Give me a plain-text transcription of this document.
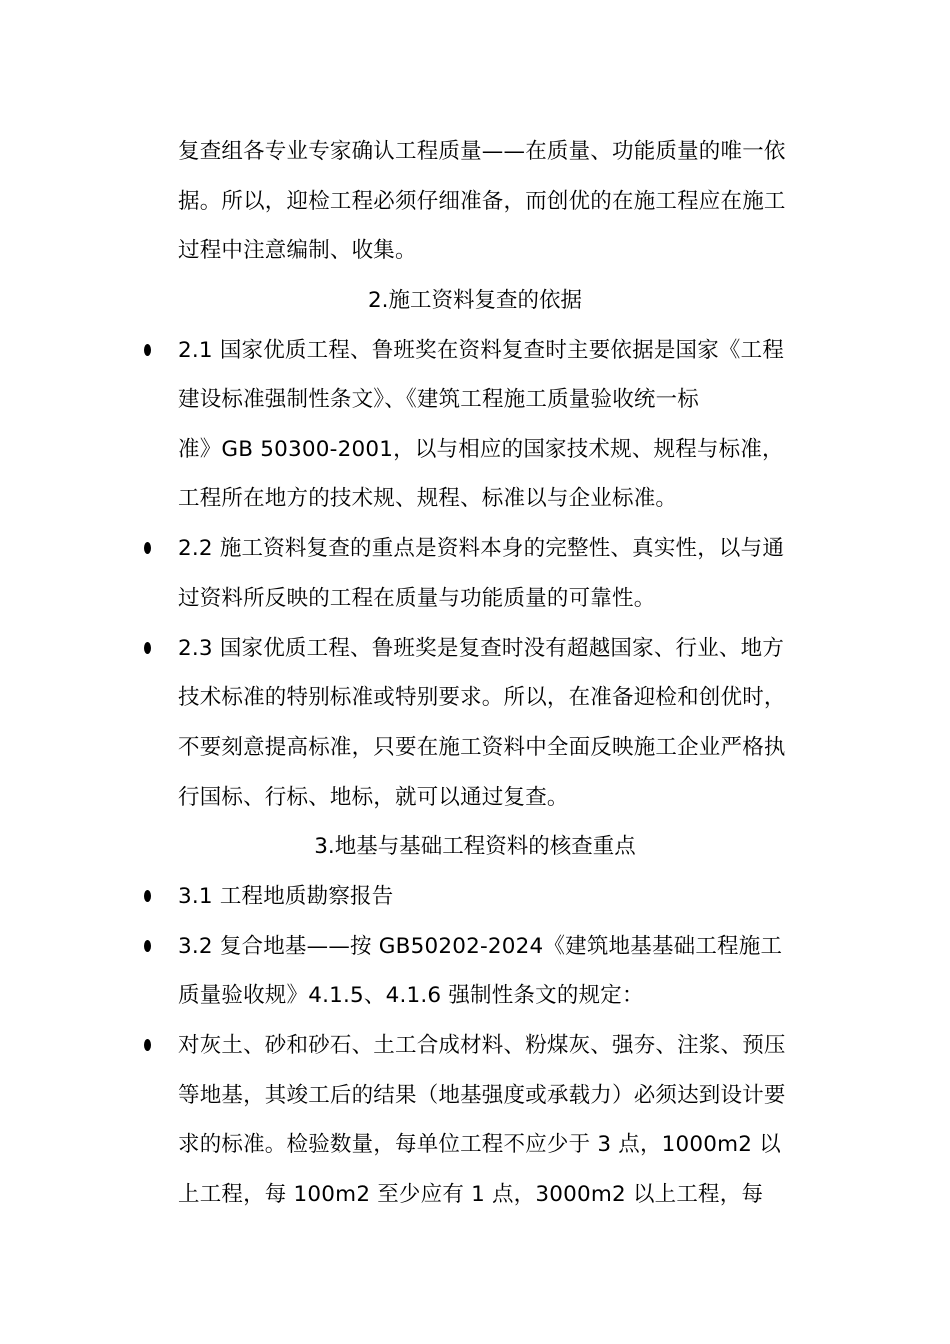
复查组各专业专家确认工程质量——在质量、功能质量的唯一依
据。所以，迎检工程必须仔细准备，而创优的在施工程应在施工
过程中注意编制、收集。
2.施工资料复查的依据
2.1 国家优质工程、鲁班奖在资料复查时主要依据是国家《工程
建设标准强制性条文》、《建筑工程施工质量验收统一标
准》GB 50300-2001，以与相应的国家技术规、规程与标准，
工程所在地方的技术规、规程、标准以与企业标准。
2.2 施工资料复查的重点是资料本身的完整性、真实性，以与通
过资料所反映的工程在质量与功能质量的可靠性。
2.3 国家优质工程、鲁班奖是复查时没有超越国家、行业、地方
技术标准的特别标准或特别要求。所以，在准备迎检和创优时，
不要刻意提高标准，只要在施工资料中全面反映施工企业严格执
行国标、行标、地标，就可以通过复查。
3.地基与基础工程资料的核查重点
3.1 工程地质勘察报告
3.2 复合地基——按 GB50202-2024《建筑地基基础工程施工
质量验收规》4.1.5、4.1.6 强制性条文的规定：
对灰土、砂和砂石、土工合成材料、粉煤灰、强夯、注浆、预压
等地基，其竣工后的结果（地基强度或承载力）必须达到设计要
求的标准。检验数量，每单位工程不应少于 3 点，1000m2 以
上工程，每 100m2 至少应有 1 点，3000m2 以上工程，每
